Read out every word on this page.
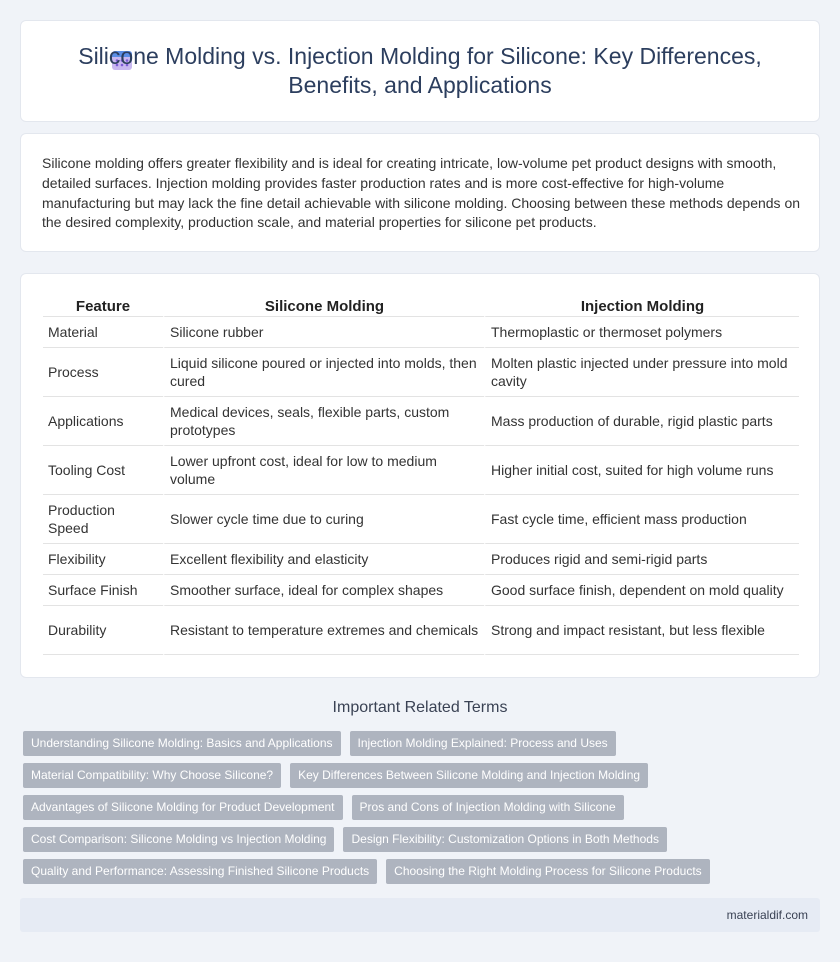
Silicone Molding vs. Injection Molding for Silicone: Key Differences, Benefits, and Applications

Silicone molding offers greater flexibility and is ideal for creating intricate, low-volume pet product designs with smooth, detailed surfaces. Injection molding provides faster production rates and is more cost-effective for high-volume manufacturing but may lack the fine detail achievable with silicone molding. Choosing between these methods depends on the desired complexity, production scale, and material properties for silicone pet products.

Feature	Silicone Molding	Injection Molding
Material	Silicone rubber	Thermoplastic or thermoset polymers
Process	Liquid silicone poured or injected into molds, then cured	Molten plastic injected under pressure into mold cavity
Applications	Medical devices, seals, flexible parts, custom prototypes	Mass production of durable, rigid plastic parts
Tooling Cost	Lower upfront cost, ideal for low to medium volume	Higher initial cost, suited for high volume runs
Production Speed	Slower cycle time due to curing	Fast cycle time, efficient mass production
Flexibility	Excellent flexibility and elasticity	Produces rigid and semi-rigid parts
Surface Finish	Smoother surface, ideal for complex shapes	Good surface finish, dependent on mold quality
Durability	Resistant to temperature extremes and chemicals	Strong and impact resistant, but less flexible
Important Related Terms
Understanding Silicone Molding: Basics and Applications	Injection Molding Explained: Process and Uses
Material Compatibility: Why Choose Silicone?	Key Differences Between Silicone Molding and Injection Molding
Advantages of Silicone Molding for Product Development	Pros and Cons of Injection Molding with Silicone
Cost Comparison: Silicone Molding vs Injection Molding	Design Flexibility: Customization Options in Both Methods
Quality and Performance: Assessing Finished Silicone Products	Choosing the Right Molding Process for Silicone Products
materialdif.com
